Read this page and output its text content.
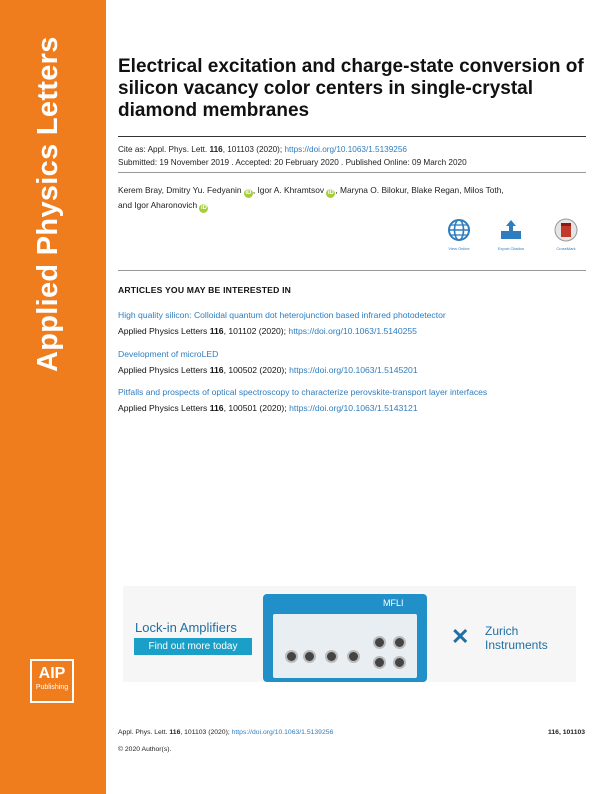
Applied Physics Letters
AIP
Publishing
Electrical excitation and charge-state conversion of silicon vacancy color centers in single-crystal diamond membranes
Cite as: Appl. Phys. Lett. 116, 101103 (2020); https://doi.org/10.1063/1.5139256
Submitted: 19 November 2019 . Accepted: 20 February 2020 . Published Online: 09 March 2020
Kerem Bray, Dmitry Yu. Fedyanin iD , Igor A. Khramtsov iD , Maryna O. Bilokur, Blake Regan, Milos Toth,
and Igor Aharonovich iD
View Online	Export Citation	CrossMark
ARTICLES YOU MAY BE INTERESTED IN
High quality silicon: Colloidal quantum dot heterojunction based infrared photodetector
Applied Physics Letters 116, 101102 (2020); https://doi.org/10.1063/1.5140255
Development of microLED
Applied Physics Letters 116, 100502 (2020); https://doi.org/10.1063/1.5145201
Pitfalls and prospects of optical spectroscopy to characterize perovskite-transport layer interfaces
Applied Physics Letters 116, 100501 (2020); https://doi.org/10.1063/1.5143121
Lock-in Amplifiers
Find out more today
MFLI
✕ Zurich
Instruments
Appl. Phys. Lett. 116, 101103 (2020); https://doi.org/10.1063/1.5139256	116, 101103
© 2020 Author(s).
